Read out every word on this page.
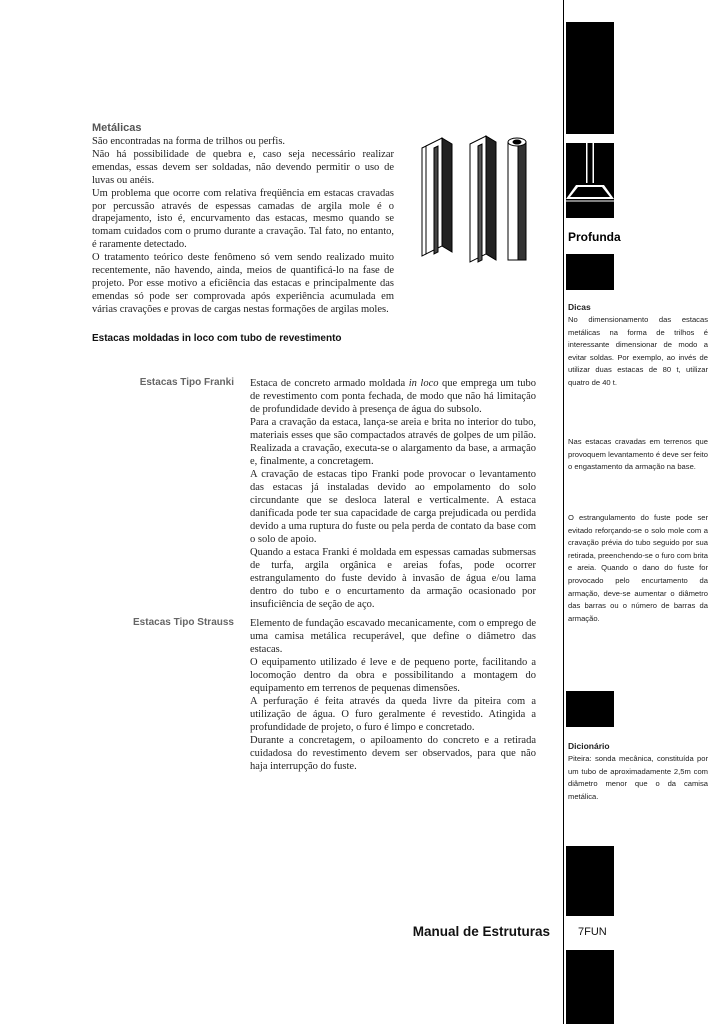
Metálicas

São encontradas na forma de trilhos ou perfis.

Não há possibilidade de quebra e, caso seja necessário realizar emendas, essas devem ser soldadas, não devendo permitir o uso de luvas ou anéis.

Um problema que ocorre com relativa freqüência em estacas cravadas por percussão através de espessas camadas de argila mole é o drapejamento, isto é, encurvamento das estacas, mesmo quando se tomam cuidados com o prumo durante a cravação. Tal fato, no entanto, é raramente detectado.

O tratamento teórico deste fenômeno só vem sendo realizado muito recentemente, não havendo, ainda, meios de quantificá-lo na fase de projeto. Por esse motivo a eficiência das estacas e principalmente das emendas só pode ser comprovada após experiência acumulada em várias cravações e provas de cargas nestas formações de argilas moles.

Estacas moldadas in loco com tubo de revestimento
Estacas Tipo Franki Estaca de concreto armado moldada in loco que emprega um tubo de revestimento com ponta fechada, de modo que não há limitação de profundidade devido à presença de água do subsolo.

Para a cravação da estaca, lança-se areia e brita no interior do tubo, materiais esses que são compactados através de golpes de um pilão. Realizada a cravação, executa-se o alargamento da base, a armação e, finalmente, a concretagem.

A cravação de estacas tipo Franki pode provocar o levantamento das estacas já instaladas devido ao empolamento do solo circundante que se desloca lateral e verticalmente. A estaca danificada pode ter sua capacidade de carga prejudicada ou perdida devido a uma ruptura do fuste ou pela perda de contato da base com o solo de apoio.

Quando a estaca Franki é moldada em espessas camadas submersas de turfa, argila orgânica e areias fofas, pode ocorrer estrangulamento do fuste devido à invasão de água e/ou lama dentro do tubo e o encurtamento da armação ocasionado por insuficiência de seção de aço.

Estacas Tipo Strauss Elemento de fundação escavado mecanicamente, com o emprego de uma camisa metálica recuperável, que define o diâmetro das estacas.

O equipamento utilizado é leve e de pequeno porte, facilitando a locomoção dentro da obra e possibilitando a montagem do equipamento em terrenos de pequenas dimensões.

A perfuração é feita através da queda livre da piteira com a utilização de água. O furo geralmente é revestido. Atingida a profundidade de projeto, o furo é limpo e concretado.

Durante a concretagem, o apiloamento do concreto e a retirada cuidadosa do revestimento devem ser observados, para que não haja interrupção do fuste.

Profunda
Dicas

No dimensionamento das estacas metálicas na forma de trilhos é interessante dimensionar de modo a evitar soldas. Por exemplo, ao invés de utilizar duas estacas de 80 t, utilizar quatro de 40 t.

Nas estacas cravadas em terrenos que provoquem levantamento é deve ser feito o engastamento da armação na base.

O estrangulamento do fuste pode ser evitado reforçando-se o solo mole com a cravação prévia do tubo seguido por sua retirada, preenchendo-se o furo com brita e areia. Quando o dano do fuste for provocado pelo encurtamento da armação, deve-se aumentar o diâmetro das barras ou o número de barras da armação.

Dicionário

Piteira: sonda mecânica, constituída por um tubo de aproximadamente 2,5m com diâmetro menor que o da camisa metálica.

Manual de Estruturas	7FUN
